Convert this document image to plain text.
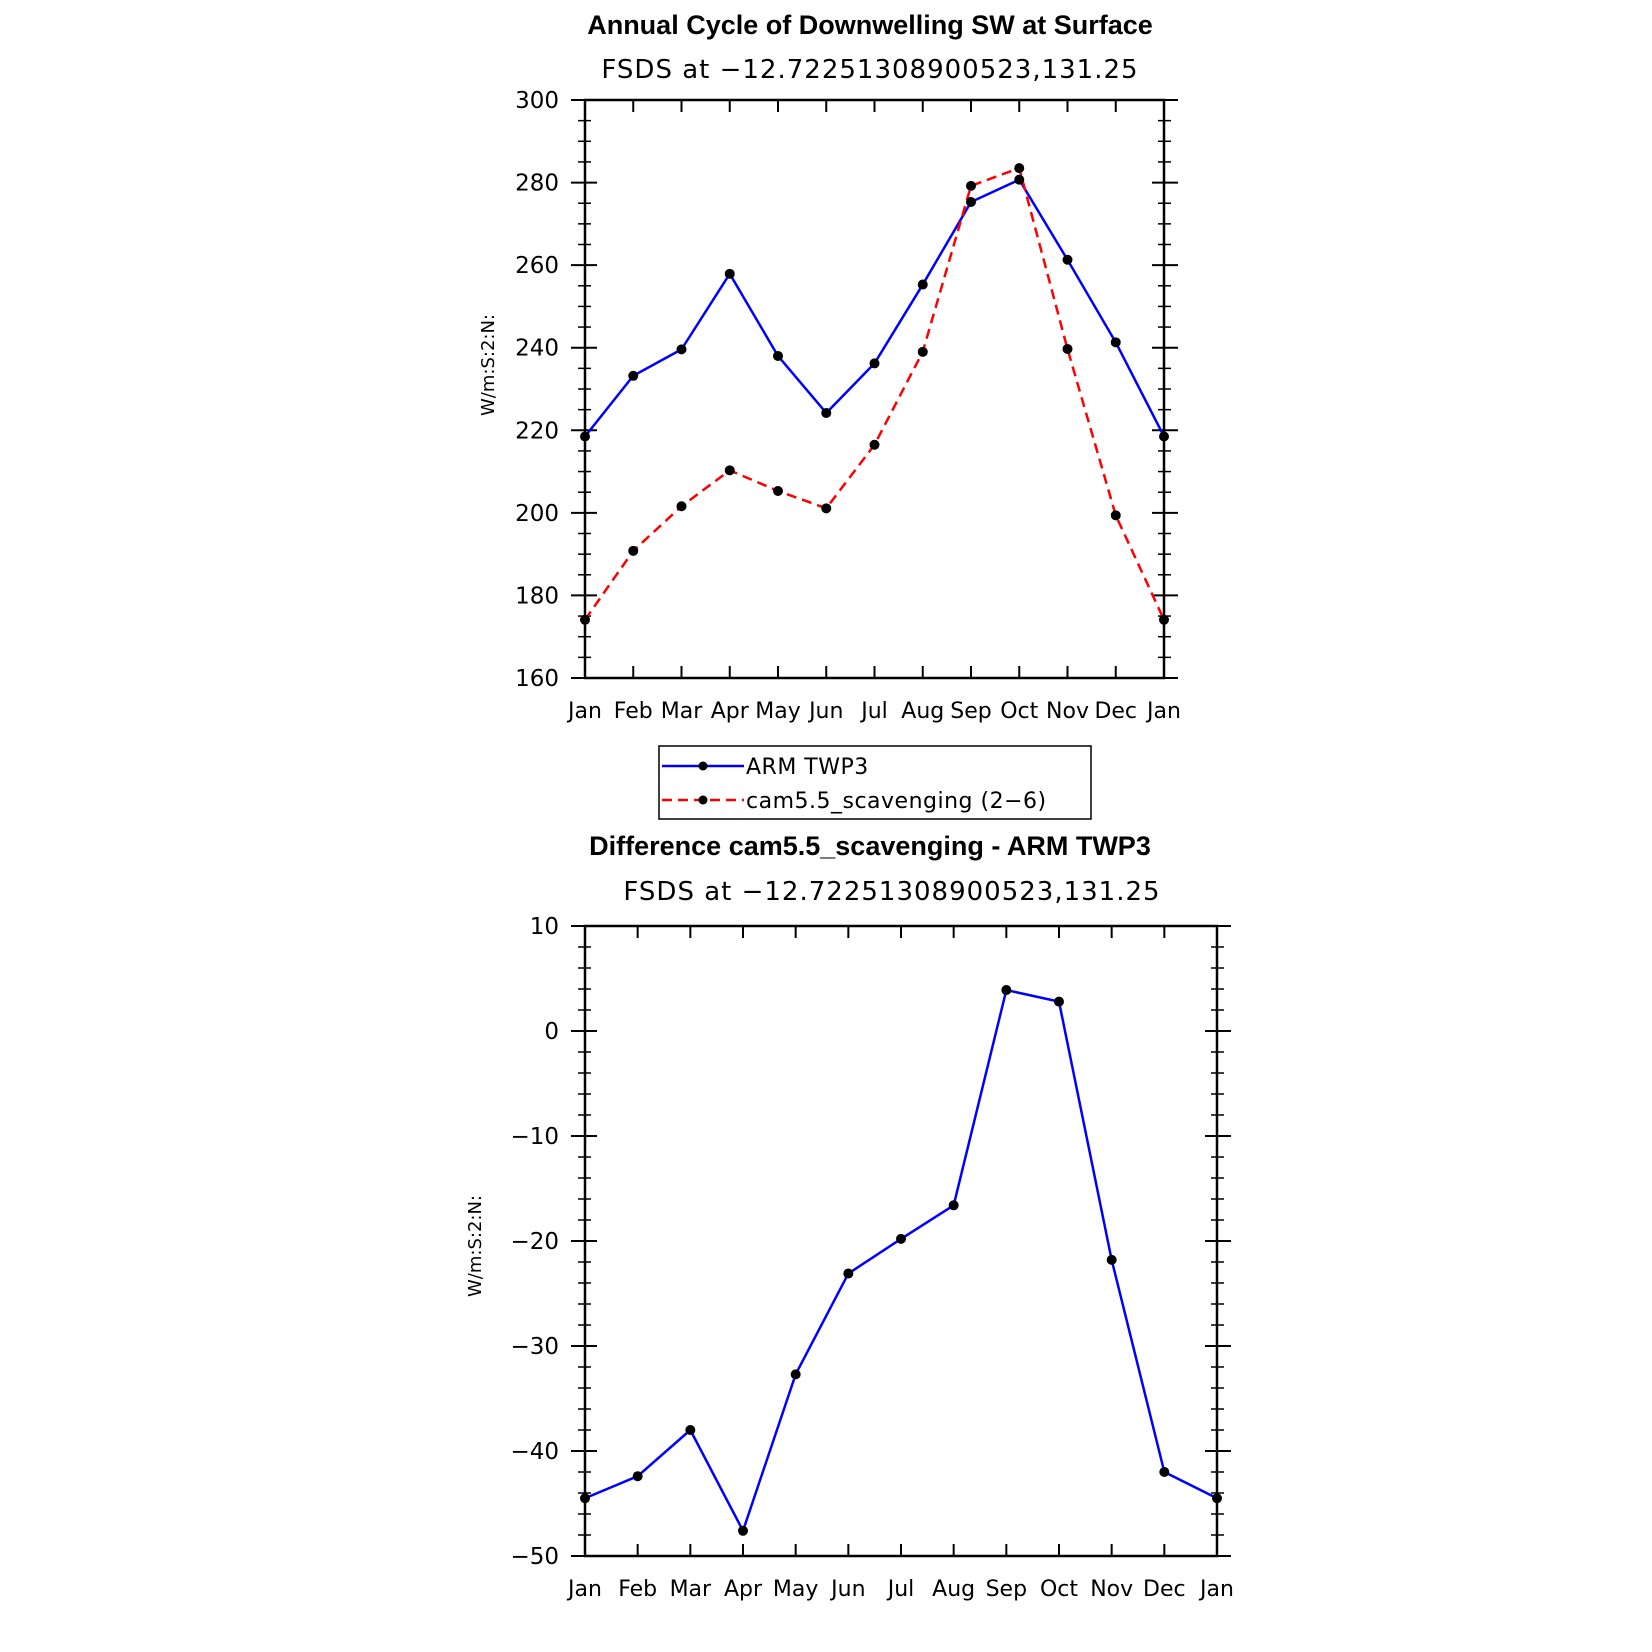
Annual Cycle of Downwelling SW at Surface
FSDS at −12.72251308900523,131.25
W/m:S:2:N:
Jan Feb Mar Apr May Jun Jul Aug Sep Oct Nov Dec Jan
160
180
200
220
240
260
280
300
ARM TWP3
cam5.5_scavenging (2−6)
Difference cam5.5_scavenging - ARM TWP3
FSDS at −12.72251308900523,131.25
W/m:S:2:N:
Jan Feb Mar Apr May Jun Jul Aug Sep Oct Nov Dec Jan
−50
−40
−30
−20
−10
0
10
